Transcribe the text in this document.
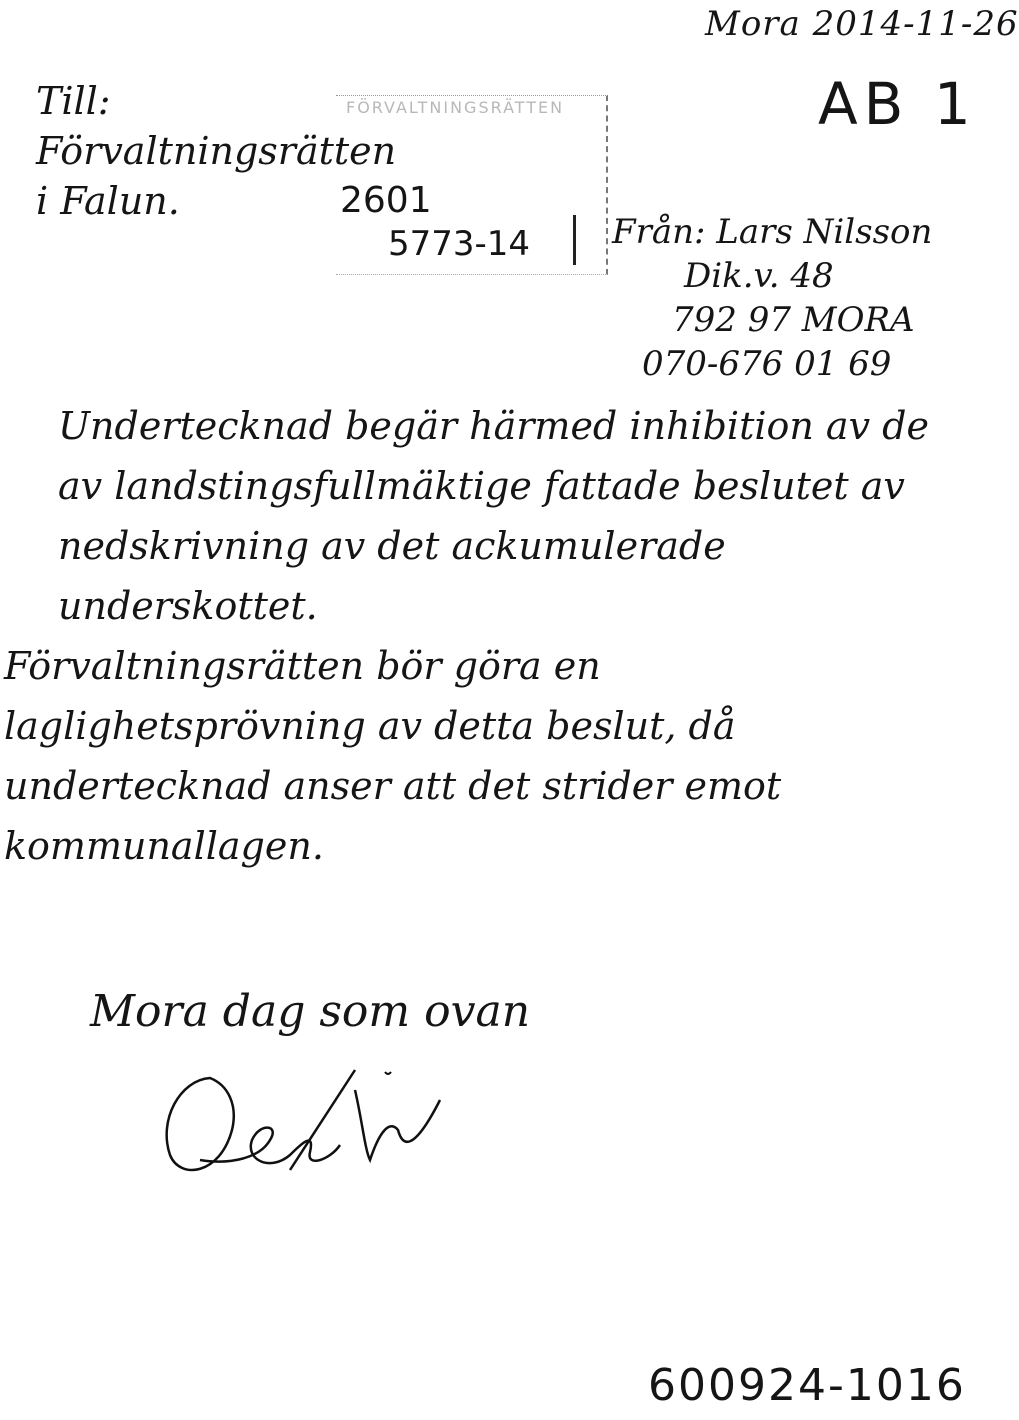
Mora 2014-11-26
AB 1
Till:
Förvaltningsrätten
i Falun.
FÖRVALTNINGSRÄTTEN
2601
5773-14 Från: Lars Nilsson
Dik.v. 48
792 97 MORA
070-676 01 69

Undertecknad begär härmed inhibition av de av landstingsfullmäktige fattade beslutet av nedskrivning av det ackumulerade underskottet.

Förvaltningsrätten bör göra en laglighetsprövning av detta beslut, då undertecknad anser att det strider emot kommunallagen.

Mora dag som ovan
600924-1016
